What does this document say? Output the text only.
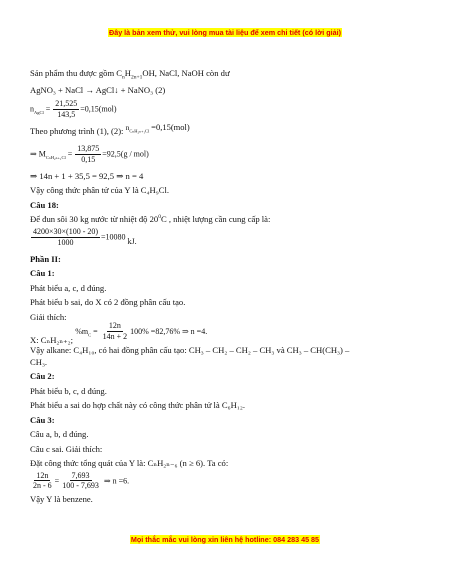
Đây là bản xem thử, vui lòng mua tài liệu để xem chi tiết (có lời giải)
Sản phẩm thu được gồm $C_nH_{2n+1}OH$, NaCl, NaOH còn dư
AgNO₃ + NaCl → AgCl↓ + NaNO₃ (2)
$n_{AgCl} = \frac{21,525}{143,5} =0,15(mol)$
Theo phương trình (1), (2): $n_{C_nH_{2n+1}Cl} =0,15(mol)$
⇒ $M_{C_nH_{2n+1}Cl} = \frac{13,875}{0,15} =92,5(g / mol)$
⇒ 14n + 1 + 35,5 = 92,5 ⇒ n = 4
Vậy công thức phân tử của Y là C₄H₉Cl.
Câu 18:
Để đun sôi 30 kg nước từ nhiệt độ $20^0C$ , nhiệt lượng cần cung cấp là:
$\frac{4200\times 30\times(100 - 20)}{1000} =10080$ kJ.
Phần II:
Câu 1:
Phát biểu a, c, d đúng.
Phát biểu b sai, do X có 2 đồng phân cấu tạo.
Giải thích:
X: CₙH₂ₙ₊₂; $\%m_C = \frac{12n}{14n + 2} 100\% =82,76\%$ ⇒ n =4.
Vậy alkane: C₄H₁₀, có hai đồng phân cấu tạo: CH₃ – CH₂ – CH₂ – CH₃ và CH₃ – CH(CH₃) –
CH₃.
Câu 2:
Phát biểu b, c, d đúng.
Phát biểu a sai do hợp chất này có công thức phân tử là C₆H₁₂.
Câu 3:
Câu a, b, d đúng.
Câu c sai. Giải thích:
Đặt công thức tổng quát của Y là: CₙH₂ₙ₋₆ (n ≥ 6). Ta có:
$\frac{12n}{2n - 6} = \frac{7,693}{100 - 7,693}$ ⇒ n =6.
Vậy Y là benzene.
Mọi thắc mắc vui lòng xin liên hệ hotline: 084 283 45 85
